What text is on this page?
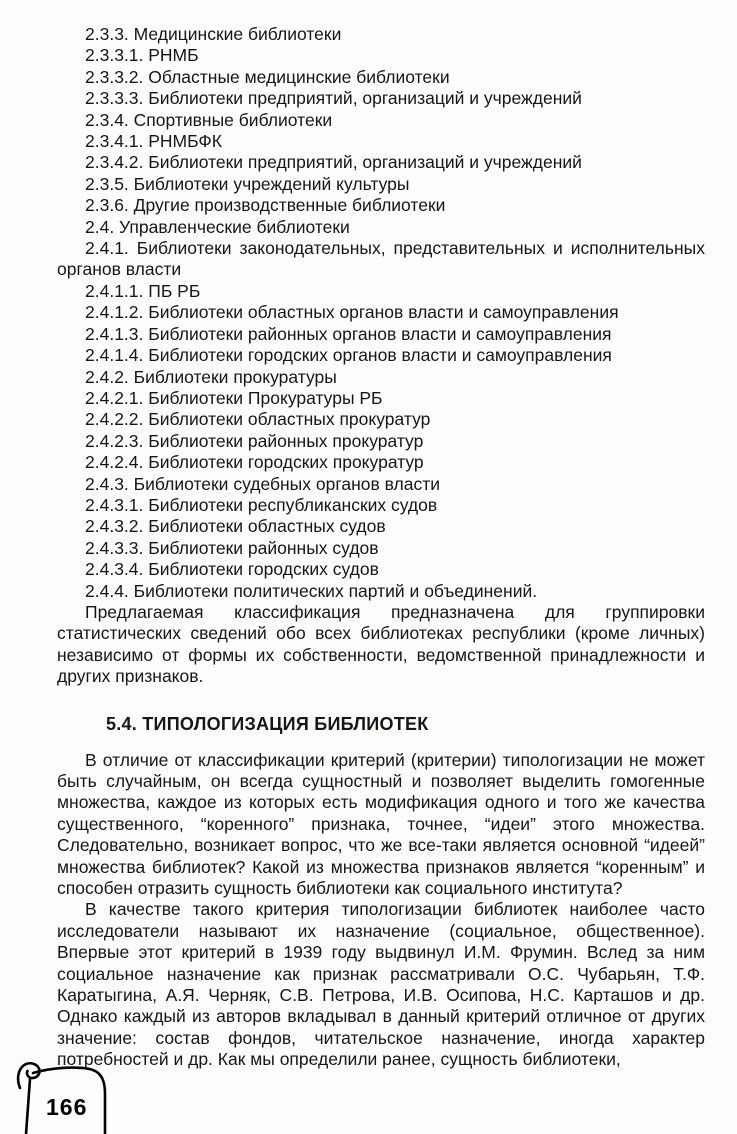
2.3.3. Медицинские библиотеки

2.3.3.1. РНМБ

2.3.3.2. Областные медицинские библиотеки

2.3.3.3. Библиотеки предприятий, организаций и учреждений

2.3.4. Спортивные библиотеки

2.3.4.1. РНМБФК

2.3.4.2. Библиотеки предприятий, организаций и учреждений

2.3.5. Библиотеки учреждений культуры

2.3.6. Другие производственные библиотеки

2.4. Управленческие библиотеки

2.4.1. Библиотеки законодательных, представительных и исполнительных органов власти

2.4.1.1. ПБ РБ

2.4.1.2. Библиотеки областных органов власти и самоуправления

2.4.1.3. Библиотеки районных органов власти и самоуправления

2.4.1.4. Библиотеки городских органов власти и самоуправления

2.4.2. Библиотеки прокуратуры

2.4.2.1. Библиотеки Прокуратуры РБ

2.4.2.2. Библиотеки областных прокуратур

2.4.2.3. Библиотеки районных прокуратур

2.4.2.4. Библиотеки городских прокуратур

2.4.3. Библиотеки судебных органов власти

2.4.3.1. Библиотеки республиканских судов

2.4.3.2. Библиотеки областных судов

2.4.3.3. Библиотеки районных судов

2.4.3.4. Библиотеки городских судов

2.4.4. Библиотеки политических партий и объединений.

Предлагаемая классификация предназначена для группировки статистических сведений обо всех библиотеках республики (кроме личных) независимо от формы их собственности, ведомственной принадлежности и других признаков.

5.4. ТИПОЛОГИЗАЦИЯ БИБЛИОТЕК

В отличие от классификации критерий (критерии) типологизации не может быть случайным, он всегда сущностный и позволяет выделить гомогенные множества, каждое из которых есть модификация одного и того же качества существенного, “коренного” признака, точнее, “идеи” этого множества. Следовательно, возникает вопрос, что же все-таки является основной “идеей” множества библиотек? Какой из множества признаков является “коренным” и способен отразить сущность библиотеки как социального института?

В качестве такого критерия типологизации библиотек наиболее часто исследователи называют их назначение (социальное, общественное). Впервые этот критерий в 1939 году выдвинул И.М. Фрумин. Вслед за ним социальное назначение как признак рассматривали О.С. Чубарьян, Т.Ф. Каратыгина, А.Я. Черняк, С.В. Петрова, И.В. Осипова, Н.С. Карташов и др. Однако каждый из авторов вкладывал в данный критерий отличное от других значение: состав фондов, читательское назначение, иногда характер потребностей и др. Как мы определили ранее, сущность библиотеки,

166
